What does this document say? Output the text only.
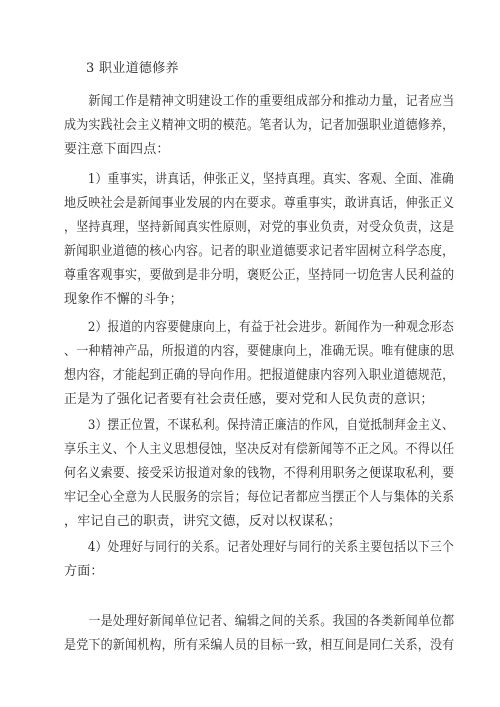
3 职业道德修养
　　新闻工作是精神文明建设工作的重要组成部分和推动力量，记者应当
成为实践社会主义精神文明的模范。笔者认为，记者加强职业道德修养，
要注意下面四点：
　　1）重事实，讲真话，伸张正义，坚持真理。真实、客观、全面、准确
地反映社会是新闻事业发展的内在要求。尊重事实，敢讲真话，伸张正义
，坚持真理，坚持新闻真实性原则，对党的事业负责，对受众负责，这是
新闻职业道德的核心内容。记者的职业道德要求记者牢固树立科学态度，
尊重客观事实，要做到是非分明，褒贬公正，坚持同一切危害人民利益的
现象作不懈的斗争；
　　2）报道的内容要健康向上，有益于社会进步。新闻作为一种观念形态
、一种精神产品，所报道的内容，要健康向上，准确无误。唯有健康的思
想内容，才能起到正确的导向作用。把报道健康内容列入职业道德规范，
正是为了强化记者要有社会责任感，要对党和人民负责的意识；
　　3）摆正位置，不谋私利。保持清正廉洁的作风，自觉抵制拜金主义、
享乐主义、个人主义思想侵蚀，坚决反对有偿新闻等不正之风。不得以任
何名义索要、接受采访报道对象的钱物，不得利用职务之便谋取私利，要
牢记全心全意为人民服务的宗旨；每位记者都应当摆正个人与集体的关系
，牢记自己的职责，讲究文德，反对以权谋私；
　　4）处理好与同行的关系。记者处理好与同行的关系主要包括以下三个
方面：
　　一是处理好新闻单位记者、编辑之间的关系。我国的各类新闻单位都
是党下的新闻机构，所有采编人员的目标一致，相互间是同仁关系，没有
